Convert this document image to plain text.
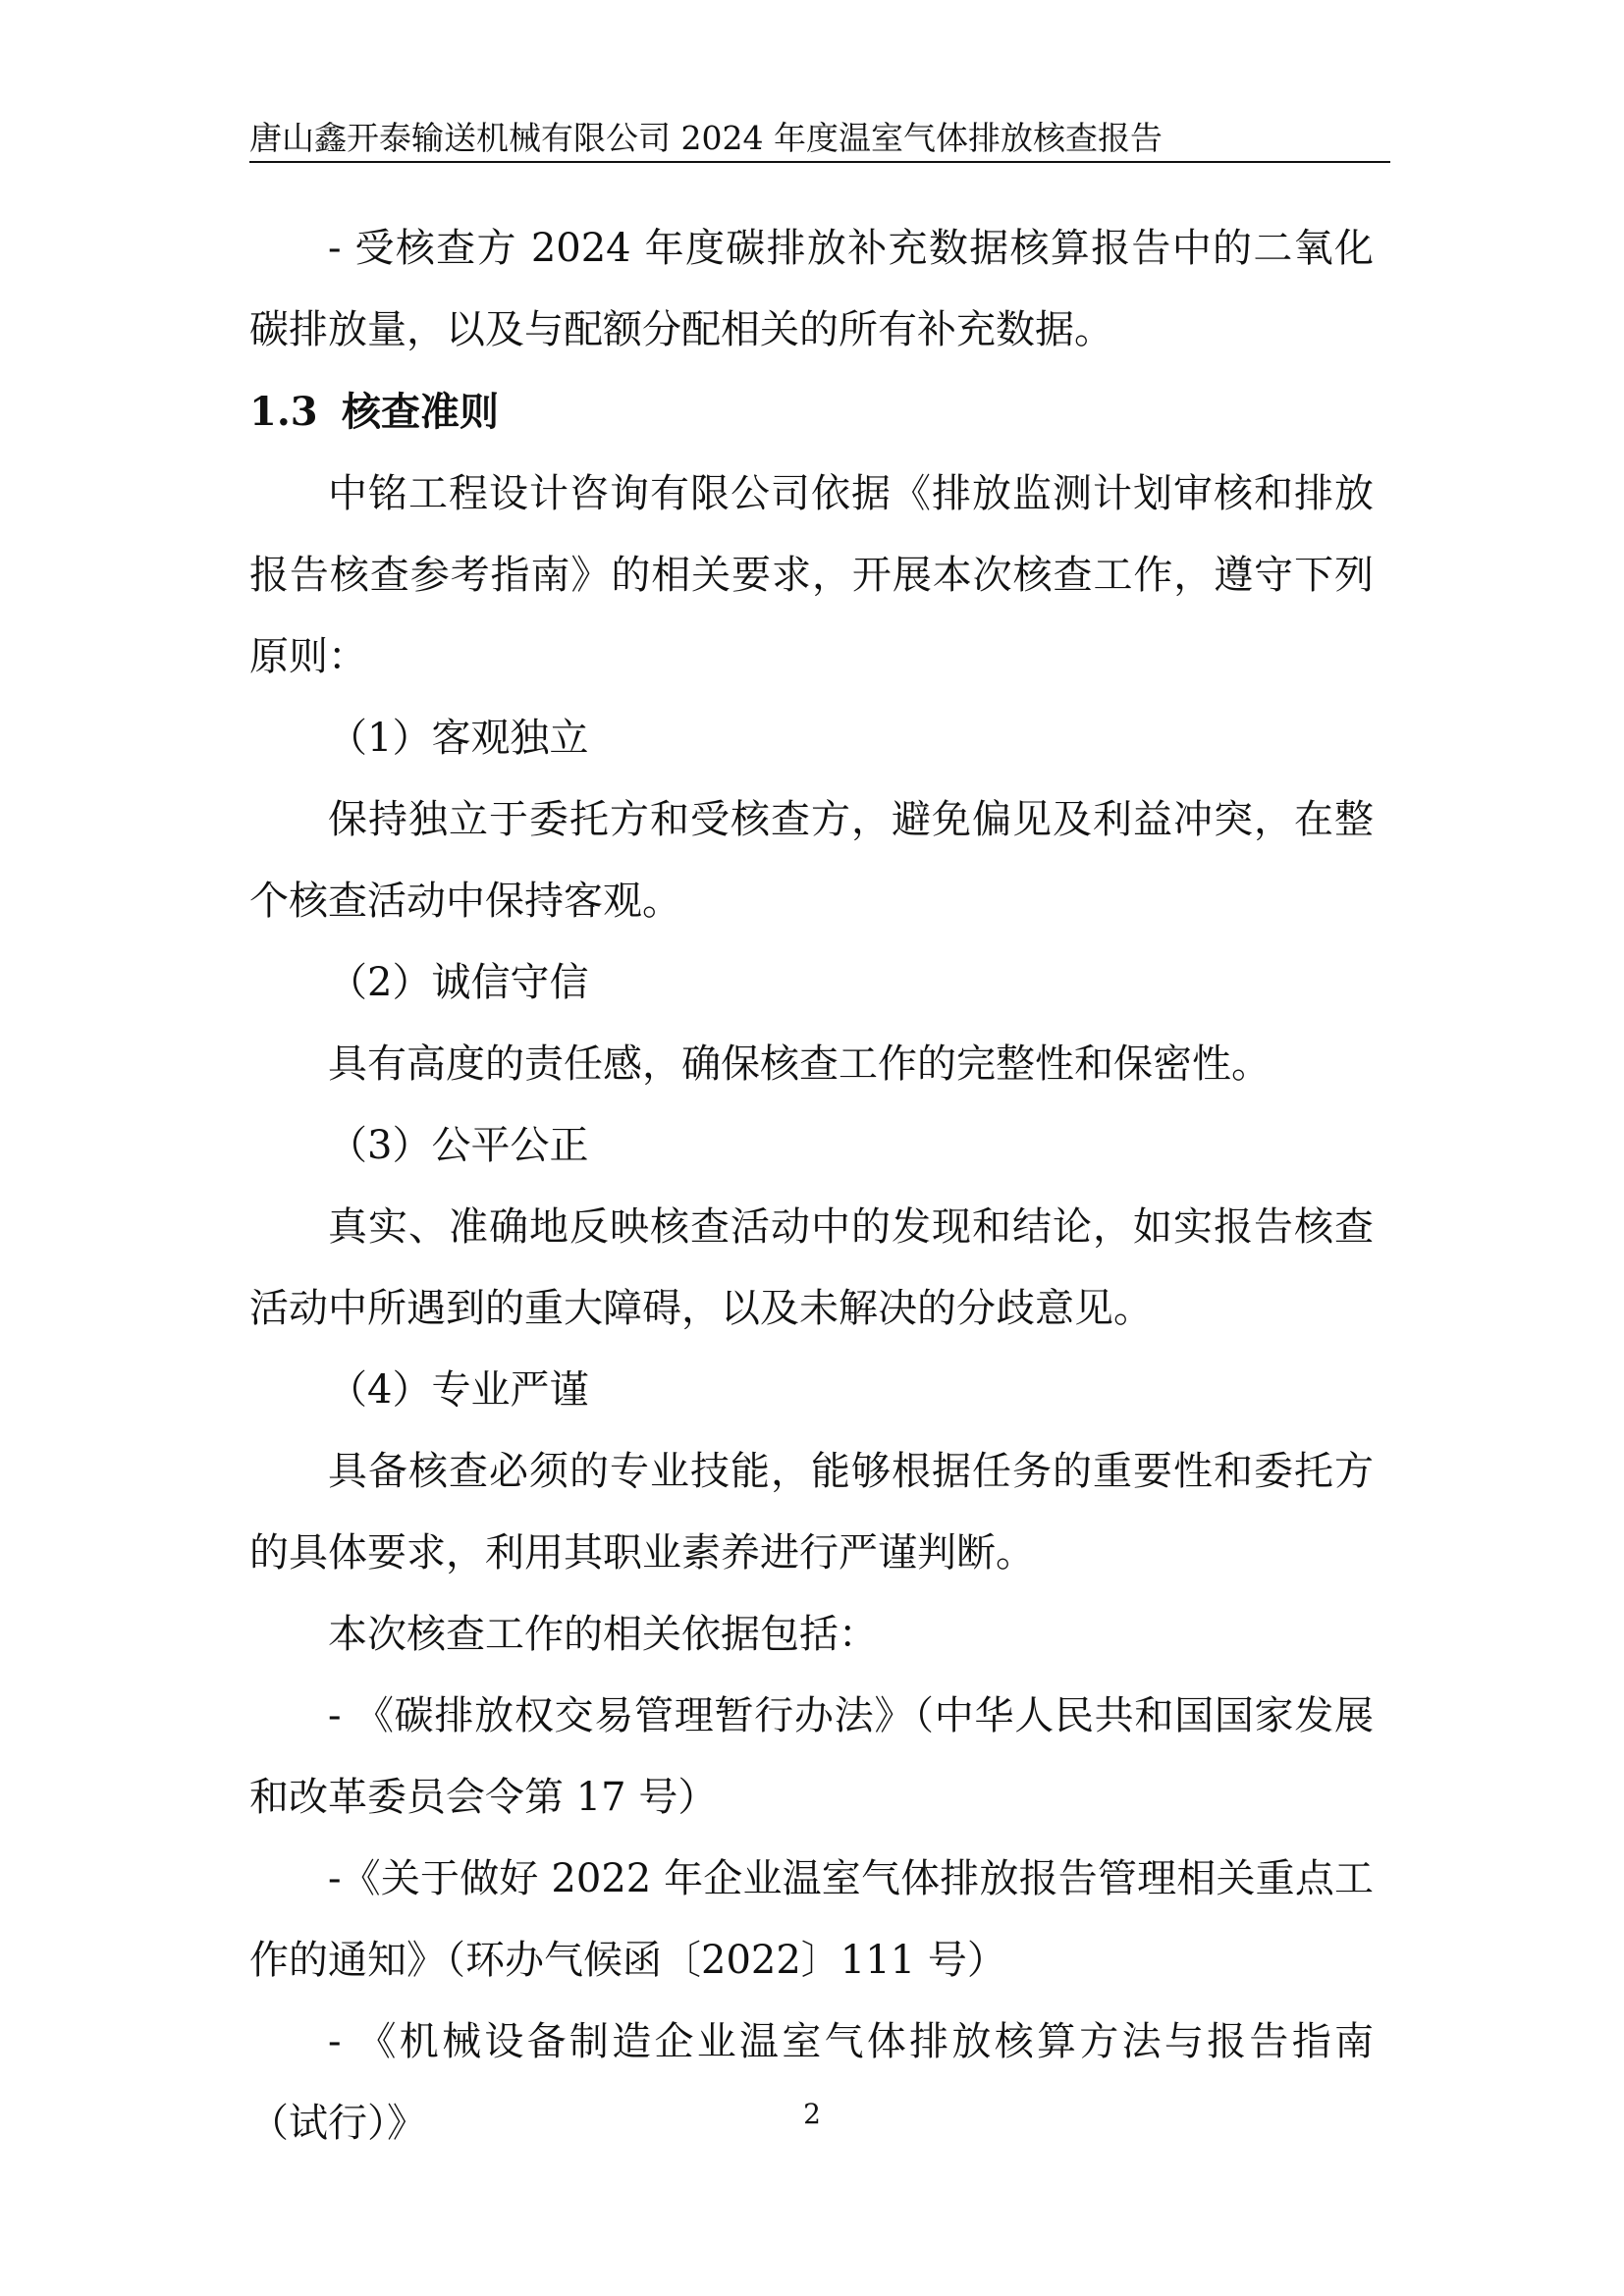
唐山鑫开泰输送机械有限公司 2024 年度温室气体排放核查报告

- 受核查方 2024 年度碳排放补充数据核算报告中的二氧化碳排放量，以及与配额分配相关的所有补充数据。

1.3 核查准则

中铭工程设计咨询有限公司依据《排放监测计划审核和排放报告核查参考指南》的相关要求，开展本次核查工作，遵守下列原则：

（1）客观独立

保持独立于委托方和受核查方，避免偏见及利益冲突，在整个核查活动中保持客观。

（2）诚信守信

具有高度的责任感，确保核查工作的完整性和保密性。

（3）公平公正

真实、准确地反映核查活动中的发现和结论，如实报告核查活动中所遇到的重大障碍，以及未解决的分歧意见。

（4）专业严谨

具备核查必须的专业技能，能够根据任务的重要性和委托方的具体要求，利用其职业素养进行严谨判断。

本次核查工作的相关依据包括：

- 《碳排放权交易管理暂行办法》（中华人民共和国国家发展和改革委员会令第 17 号）

-《关于做好 2022 年企业温室气体排放报告管理相关重点工作的通知》（环办气候函〔2022〕111 号）

- 《机械设备制造企业温室气体排放核算方法与报告指南（试行）》	2
